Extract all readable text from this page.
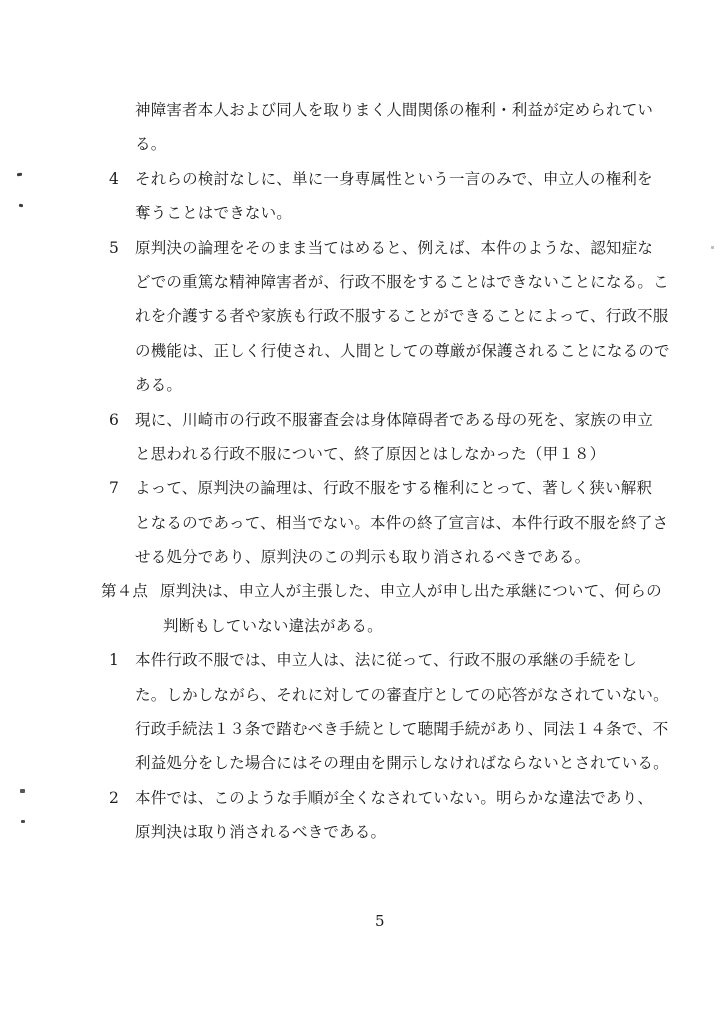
神障害者本人および同人を取りまく人間関係の権利・利益が定められてい
る。
4 それらの検討なしに、単に一身専属性という一言のみで、申立人の権利を
奪うことはできない。
5 原判決の論理をそのまま当てはめると、例えば、本件のような、認知症な
どでの重篤な精神障害者が、行政不服をすることはできないことになる。こ
れを介護する者や家族も行政不服することができることによって、行政不服
の機能は、正しく行使され、人間としての尊厳が保護されることになるので
ある。
6 現に、川崎市の行政不服審査会は身体障碍者である母の死を、家族の申立
と思われる行政不服について、終了原因とはしなかった（甲１８）
7 よって、原判決の論理は、行政不服をする権利にとって、著しく狭い解釈
となるのであって、相当でない。本件の終了宣言は、本件行政不服を終了さ
せる処分であり、原判決のこの判示も取り消されるべきである。
第４点 原判決は、申立人が主張した、申立人が申し出た承継について、何らの
判断もしていない違法がある。
1 本件行政不服では、申立人は、法に従って、行政不服の承継の手続をし
た。しかしながら、それに対しての審査庁としての応答がなされていない。
行政手続法１３条で踏むべき手続として聴聞手続があり、同法１４条で、不
利益処分をした場合にはその理由を開示しなければならないとされている。
2 本件では、このような手順が全くなされていない。明らかな違法であり、
原判決は取り消されるべきである。
5
